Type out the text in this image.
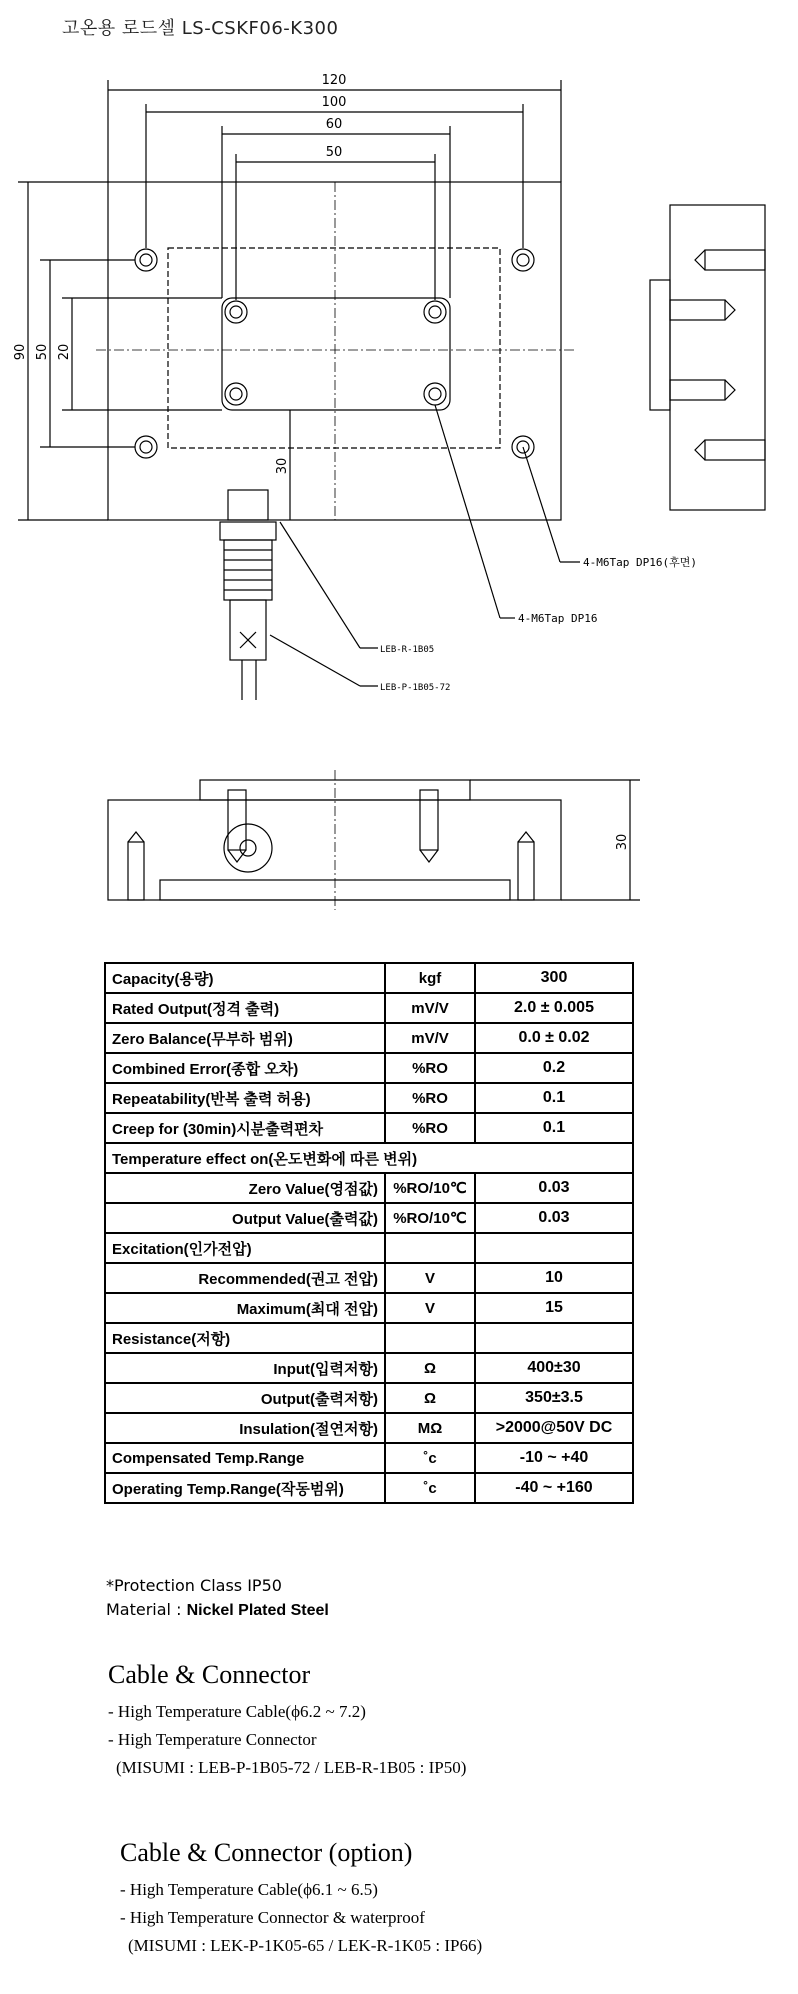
고온용 로드셀 LS-CSKF06-K300
120
100
60
50
90 50 20
30
30
4-M6Tap DP16(후면)
4-M6Tap DP16
LEB-R-1B05
LEB-P-1B05-72
Capacity(용량)	kgf	300
Rated Output(정격 출력)	mV/V	2.0 ± 0.005
Zero Balance(무부하 범위)	mV/V	0.0 ± 0.02
Combined Error(종합 오차)	%RO	0.2
Repeatability(반복 출력 허용)	%RO	0.1
Creep for (30min)시분출력편차	%RO	0.1
Temperature effect on(온도변화에 따른 변위)		
Zero Value(영점값)	%RO/10℃	0.03
Output Value(출력값)	%RO/10℃	0.03
Excitation(인가전압)		
Recommended(권고 전압)	V	10
Maximum(최대 전압)	V	15
Resistance(저항)		
Input(입력저항)	Ω	400±30
Output(출력저항)	Ω	350±3.5
Insulation(절연저항)	MΩ	>2000@50V DC
Compensated Temp.Range	˚c	-10 ~ +40
Operating Temp.Range(작동범위)	˚c	-40 ~ +160
*Protection Class IP50
Material : Nickel Plated Steel
Cable & Connector
- High Temperature Cable(ϕ6.2 ~ 7.2)
- High Temperature Connector
(MISUMI : LEB-P-1B05-72 / LEB-R-1B05 : IP50)
Cable & Connector (option)
- High Temperature Cable(ϕ6.1 ~ 6.5)
- High Temperature Connector & waterproof
(MISUMI : LEK-P-1K05-65 / LEK-R-1K05 : IP66)
